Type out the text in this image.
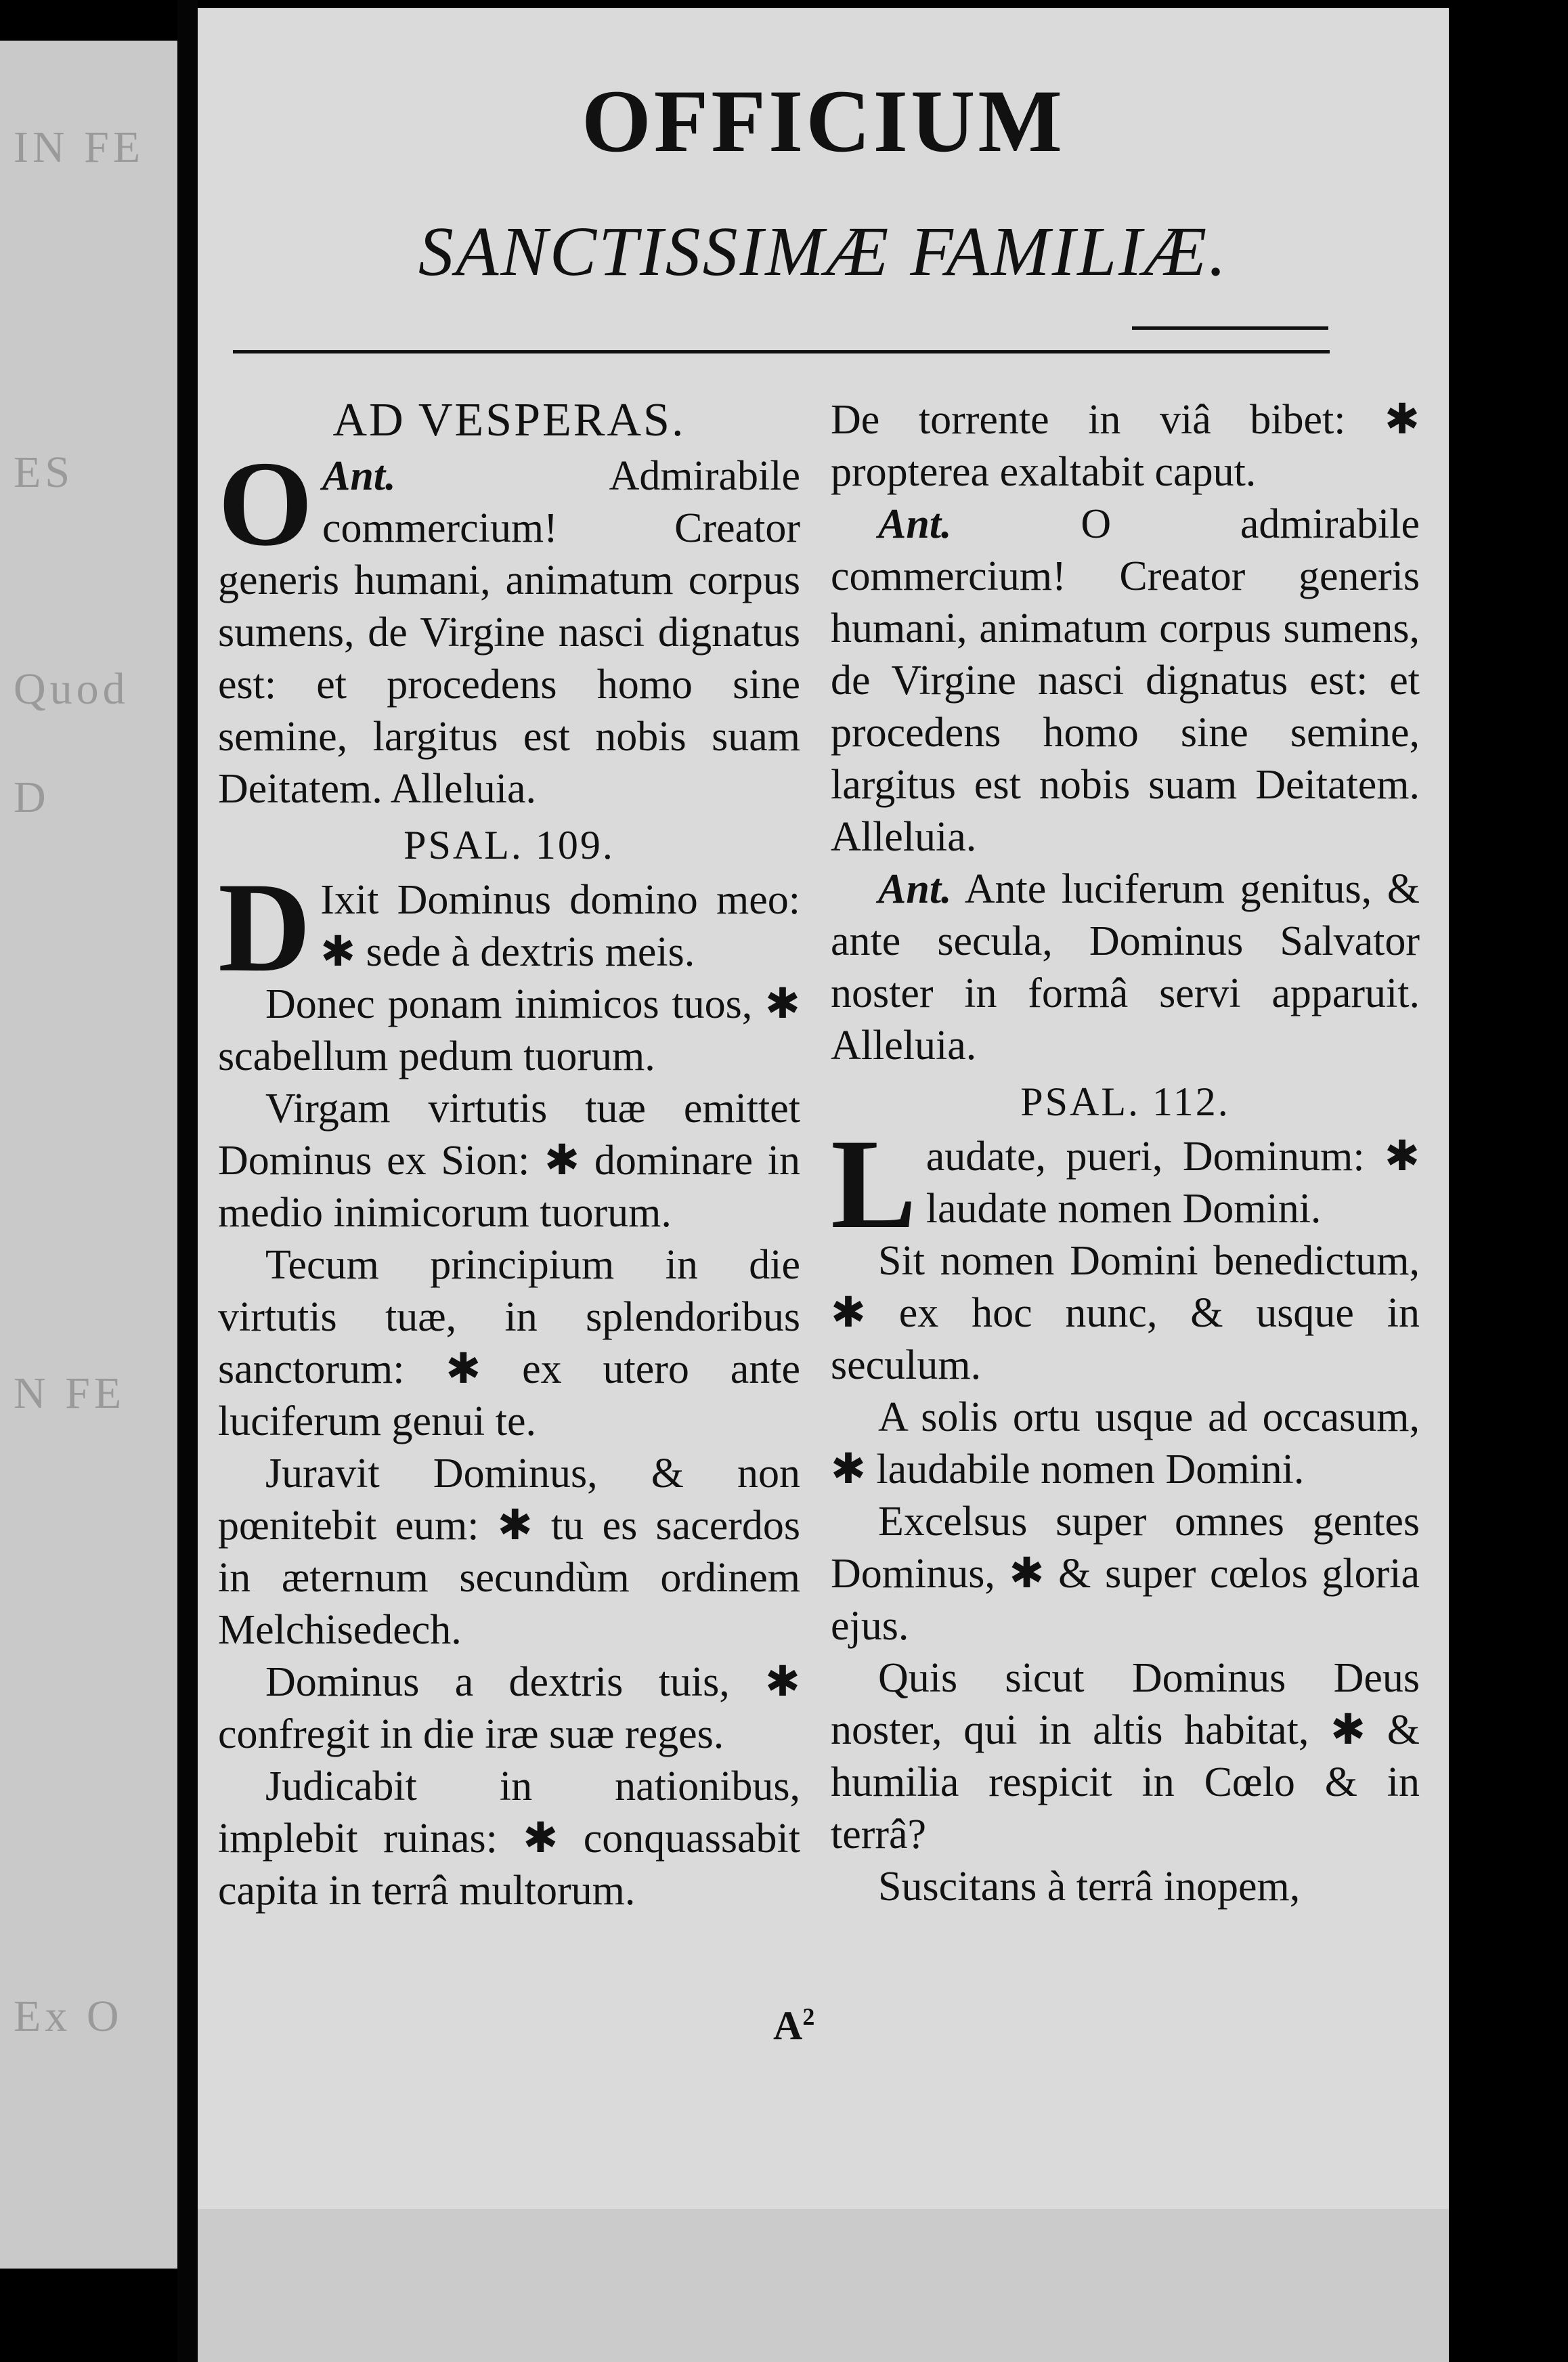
IN FE
ES
Quod
D
N FE
Ex O
OFFICIUM
SANCTISSIMÆ FAMILIÆ.
AD VESPERAS.

Ant.
O	Admirabile commercium! Creator generis humani, animatum corpus sumens, de Virgine nasci dignatus est: et procedens homo sine semine, largitus est nobis suam Deitatem. Alleluia.

PSAL. 109.

D Ixit Dominus domino meo: ✱ sede à dextris meis.

Donec ponam inimicos tuos, ✱ scabellum pedum tuorum.

Virgam virtutis tuæ emittet Dominus ex Sion: ✱ dominare in medio inimicorum tuorum.

Tecum principium in die virtutis tuæ, in splendoribus sanctorum: ✱ ex utero ante luciferum genui te.

Juravit Dominus, & non pœnitebit eum: ✱ tu es sacerdos in æternum secundùm ordinem Melchisedech.

Dominus a dextris tuis, ✱ confregit in die iræ suæ reges.

Judicabit in nationibus, implebit ruinas: ✱ conquassabit capita in terrâ multorum.

De torrente in viâ bibet: ✱ propterea exaltabit caput.

Ant.	O admirabile commercium! Creator generis humani, animatum corpus sumens, de Virgine nasci dignatus est: et procedens homo sine semine, largitus est nobis suam Deitatem. Alleluia.

Ant. Ante luciferum genitus, & ante secula, Dominus Salvator noster in formâ servi apparuit. Alleluia.

PSAL. 112.

L audate, pueri, Dominum: ✱ laudate nomen Domini.

Sit nomen Domini benedictum, ✱ ex hoc nunc, & usque in seculum.

A solis ortu usque ad occasum, ✱ laudabile nomen Domini.

Excelsus super omnes gentes Dominus, ✱ & super cœlos gloria ejus.

Quis sicut Dominus Deus noster, qui in altis habitat, ✱ & humilia respicit in Cœlo & in terrâ?

Suscitans à terrâ inopem,

$A^2$
